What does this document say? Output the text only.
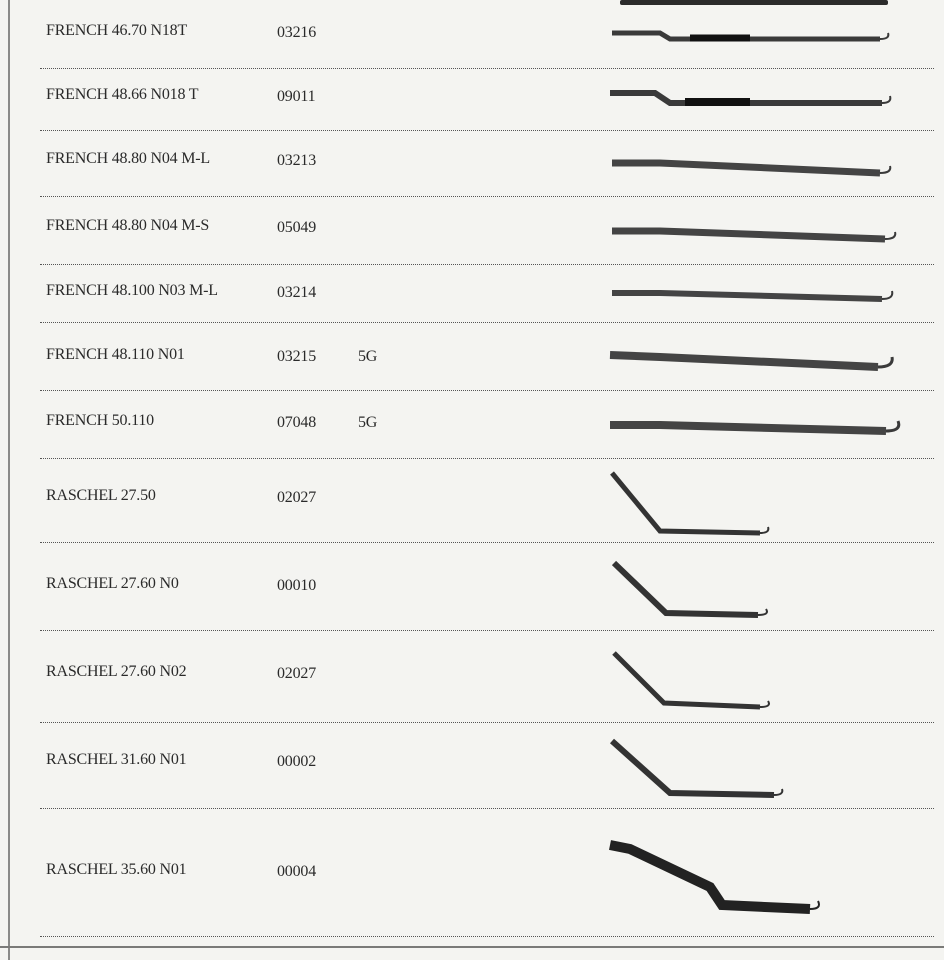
FRENCH 46.70 N18T	03216
FRENCH 48.66 N018 T	09011
FRENCH 48.80 N04 M-L	03213
FRENCH 48.80 N04 M-S	05049
FRENCH 48.100 N03 M-L	03214
FRENCH 48.110 N01	03215	5G
FRENCH 50.110	07048	5G
RASCHEL 27.50	02027
RASCHEL 27.60 N0	00010
RASCHEL 27.60 N02	02027
RASCHEL 31.60 N01	00002
RASCHEL 35.60 N01	00004
